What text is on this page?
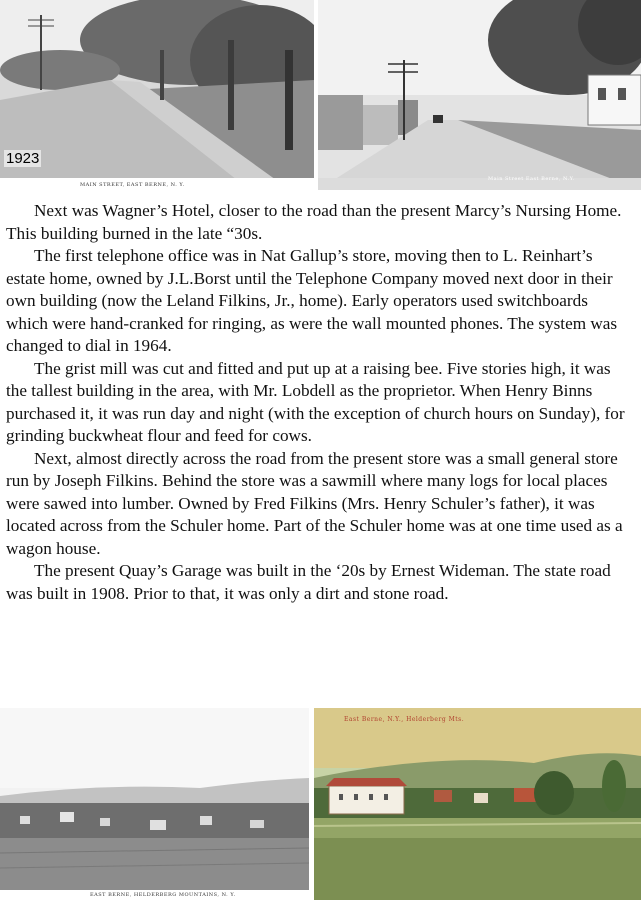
1923
MAIN STREET, EAST BERNE, N. Y.
Main Street East Berne, N.Y.

Next was Wagner’s Hotel, closer to the road than the present Marcy’s Nursing Home. This building burned in the late “30s.

The first telephone office was in Nat Gallup’s store, moving then to L. Reinhart’s estate home, owned by J.L.Borst until the Telephone Company moved next door in their own building (now the Leland Filkins, Jr., home). Early operators used switchboards which were hand-cranked for ringing, as were the wall mounted phones. The system was changed to dial in 1964.

The grist mill was cut and fitted and put up at a raising bee. Five stories high, it was the tallest building in the area, with Mr. Lobdell as the proprietor. When Henry Binns purchased it, it was run day and night (with the exception of church hours on Sunday), for grinding buckwheat flour and feed for cows.

Next, almost directly across the road from the present store was a small general store run by Joseph Filkins. Behind the store was a sawmill where many logs for local places were sawed into lumber. Owned by Fred Filkins (Mrs. Henry Schuler’s father), it was located across from the Schuler home. Part of the Schuler home was at one time used as a wagon house.

The present Quay’s Garage was built in the ‘20s by Ernest Wideman. The state road was built in 1908. Prior to that, it was only a dirt and stone road.

EAST BERNE, HELDERBERG MOUNTAINS, N. Y.
East Berne, N.Y., Helderberg Mts.
